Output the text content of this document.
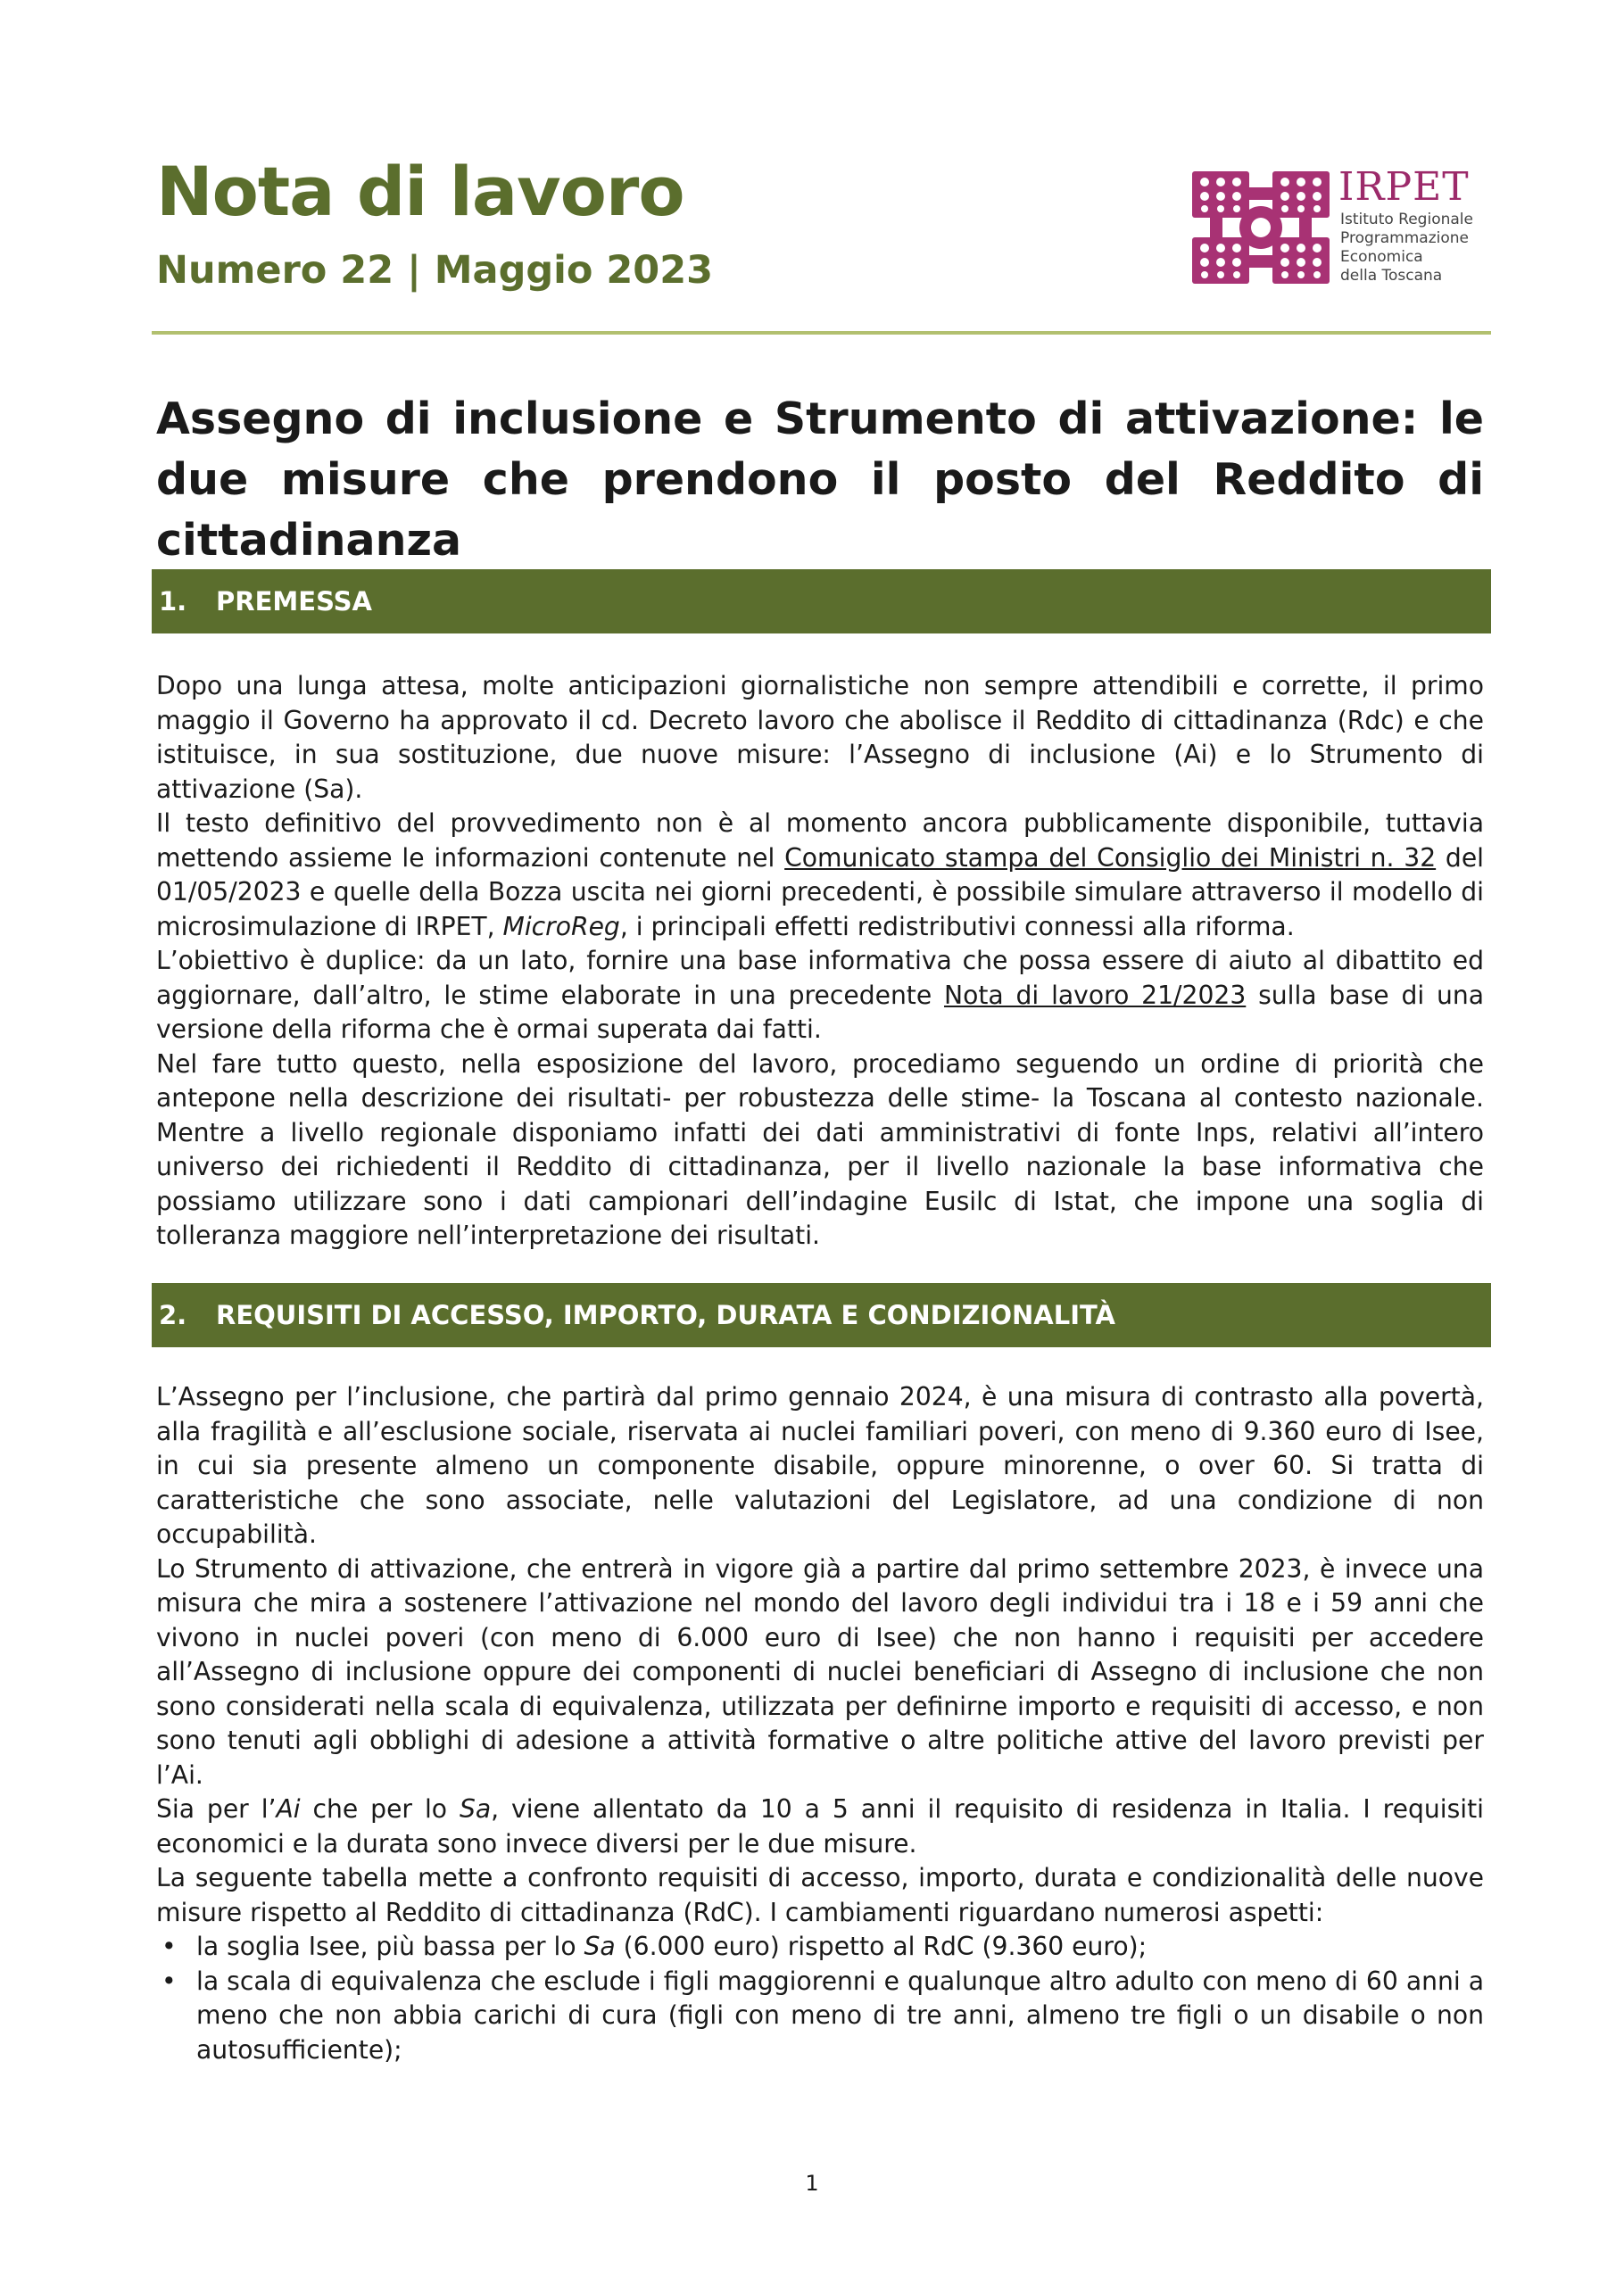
Nota di lavoro
Numero 22 | Maggio 2023
IRPET
Istituto Regionale
Programmazione
Economica
della Toscana
Assegno di inclusione e Strumento di attivazione: le due misure che prendono il posto del Reddito di cittadinanza
1.	PREMESSA
Dopo una lunga attesa, molte anticipazioni giornalistiche non sempre attendibili e corrette, il primo maggio il Governo ha approvato il cd. Decreto lavoro che abolisce il Reddito di cittadinanza (Rdc) e che istituisce, in sua sostituzione, due nuove misure: l’Assegno di inclusione (Ai) e lo Strumento di attivazione (Sa).
Il testo definitivo del provvedimento non è al momento ancora pubblicamente disponibile, tuttavia mettendo assieme le informazioni contenute nel Comunicato stampa del Consiglio dei Ministri n. 32 del 01/05/2023 e quelle della Bozza uscita nei giorni precedenti, è possibile simulare attraverso il modello di microsimulazione di IRPET, MicroReg, i principali effetti redistributivi connessi alla riforma.
L’obiettivo è duplice: da un lato, fornire una base informativa che possa essere di aiuto al dibattito ed aggiornare, dall’altro, le stime elaborate in una precedente Nota di lavoro 21/2023 sulla base di una versione della riforma che è ormai superata dai fatti.
Nel fare tutto questo, nella esposizione del lavoro, procediamo seguendo un ordine di priorità che antepone nella descrizione dei risultati- per robustezza delle stime- la Toscana al contesto nazionale. Mentre a livello regionale disponiamo infatti dei dati amministrativi di fonte Inps, relativi all’intero universo dei richiedenti il Reddito di cittadinanza, per il livello nazionale la base informativa che possiamo utilizzare sono i dati campionari dell’indagine Eusilc di Istat, che impone una soglia di tolleranza maggiore nell’interpretazione dei risultati.
2.	REQUISITI DI ACCESSO, IMPORTO, DURATA E CONDIZIONALITÀ
L’Assegno per l’inclusione, che partirà dal primo gennaio 2024, è una misura di contrasto alla povertà, alla fragilità e all’esclusione sociale, riservata ai nuclei familiari poveri, con meno di 9.360 euro di Isee, in cui sia presente almeno un componente disabile, oppure minorenne, o over 60. Si tratta di caratteristiche che sono associate, nelle valutazioni del Legislatore, ad una condizione di non occupabilità.
Lo Strumento di attivazione, che entrerà in vigore già a partire dal primo settembre 2023, è invece una misura che mira a sostenere l’attivazione nel mondo del lavoro degli individui tra i 18 e i 59 anni che vivono in nuclei poveri (con meno di 6.000 euro di Isee) che non hanno i requisiti per accedere all’Assegno di inclusione oppure dei componenti di nuclei beneficiari di Assegno di inclusione che non sono considerati nella scala di equivalenza, utilizzata per definirne importo e requisiti di accesso, e non sono tenuti agli obblighi di adesione a attività formative o altre politiche attive del lavoro previsti per l’Ai.
Sia per l’Ai che per lo Sa, viene allentato da 10 a 5 anni il requisito di residenza in Italia. I requisiti economici e la durata sono invece diversi per le due misure.
La seguente tabella mette a confronto requisiti di accesso, importo, durata e condizionalità delle nuove misure rispetto al Reddito di cittadinanza (RdC). I cambiamenti riguardano numerosi aspetti:
• la soglia Isee, più bassa per lo Sa (6.000 euro) rispetto al RdC (9.360 euro);
• la scala di equivalenza che esclude i figli maggiorenni e qualunque altro adulto con meno di 60 anni a meno che non abbia carichi di cura (figli con meno di tre anni, almeno tre figli o un disabile o non autosufficiente);
1
